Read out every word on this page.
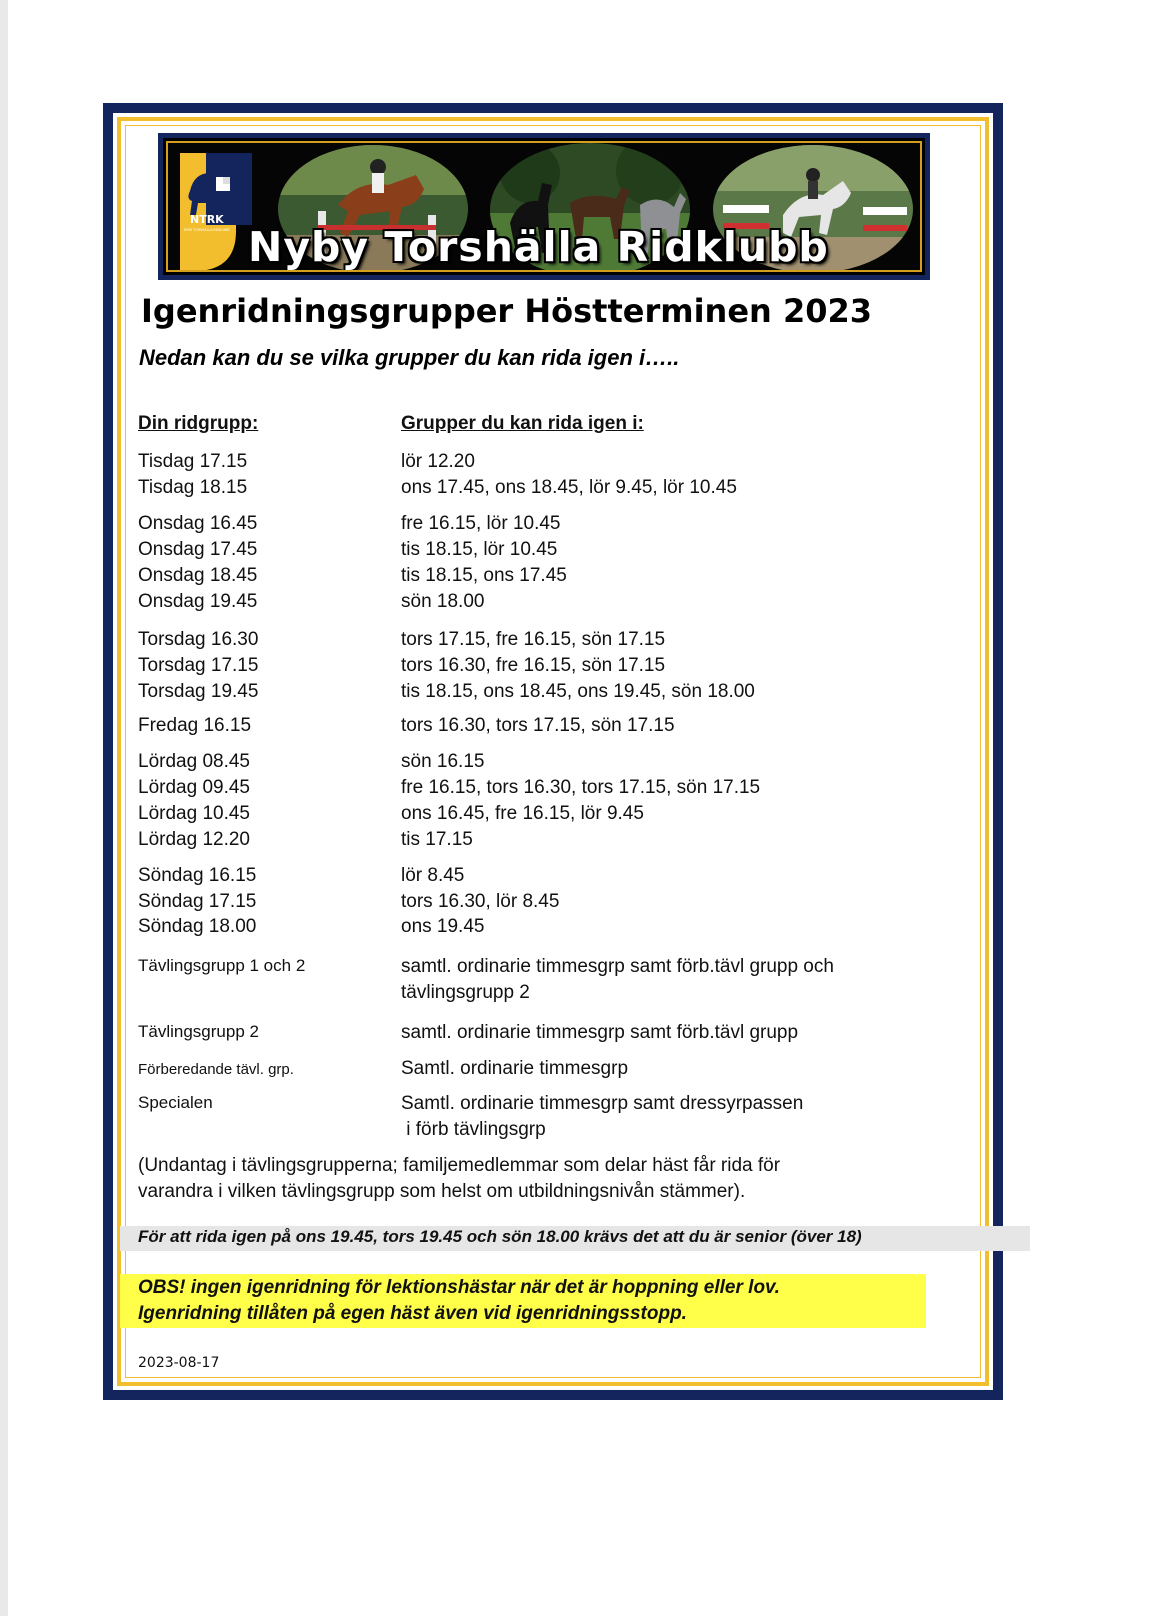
NTRK
NYBY TORSHÄLLA RIDKLUBB Nyby Torshälla Ridklubb
Igenridningsgrupper Höstterminen 2023
Nedan kan du se vilka grupper du kan rida igen i…..
Din ridgrupp:	Grupper du kan rida igen i:
Tisdag 17.15	lör 12.20
Tisdag 18.15	ons 17.45, ons 18.45, lör 9.45, lör 10.45
Onsdag 16.45	fre 16.15, lör 10.45
Onsdag 17.45	tis 18.15, lör 10.45
Onsdag 18.45	tis 18.15, ons 17.45
Onsdag 19.45	sön 18.00
Torsdag 16.30	tors 17.15, fre 16.15, sön 17.15
Torsdag 17.15	tors 16.30, fre 16.15, sön 17.15
Torsdag 19.45	tis 18.15, ons 18.45, ons 19.45, sön 18.00
Fredag 16.15	tors 16.30, tors 17.15, sön 17.15
Lördag 08.45	sön 16.15
Lördag 09.45	fre 16.15, tors 16.30, tors 17.15, sön 17.15
Lördag 10.45	ons 16.45, fre 16.15, lör 9.45
Lördag 12.20	tis 17.15
Söndag 16.15	lör 8.45
Söndag 17.15	tors 16.30, lör 8.45
Söndag 18.00	ons 19.45
Tävlingsgrupp 1 och 2	samtl. ordinarie timmesgrp samt förb.tävl grupp och
tävlingsgrupp 2
Tävlingsgrupp 2	samtl. ordinarie timmesgrp samt förb.tävl grupp
Förberedande tävl. grp.	Samtl. ordinarie timmesgrp
Specialen	Samtl. ordinarie timmesgrp samt dressyrpassen
i förb tävlingsgrp
(Undantag i tävlingsgrupperna; familjemedlemmar som delar häst får rida för varandra i vilken tävlingsgrupp som helst om utbildningsnivån stämmer).
För att rida igen på ons 19.45, tors 19.45 och sön 18.00 krävs det att du är senior (över 18)
OBS! ingen igenridning för lektionshästar när det är hoppning eller lov.
Igenridning tillåten på egen häst även vid igenridningsstopp.
2023-08-17
